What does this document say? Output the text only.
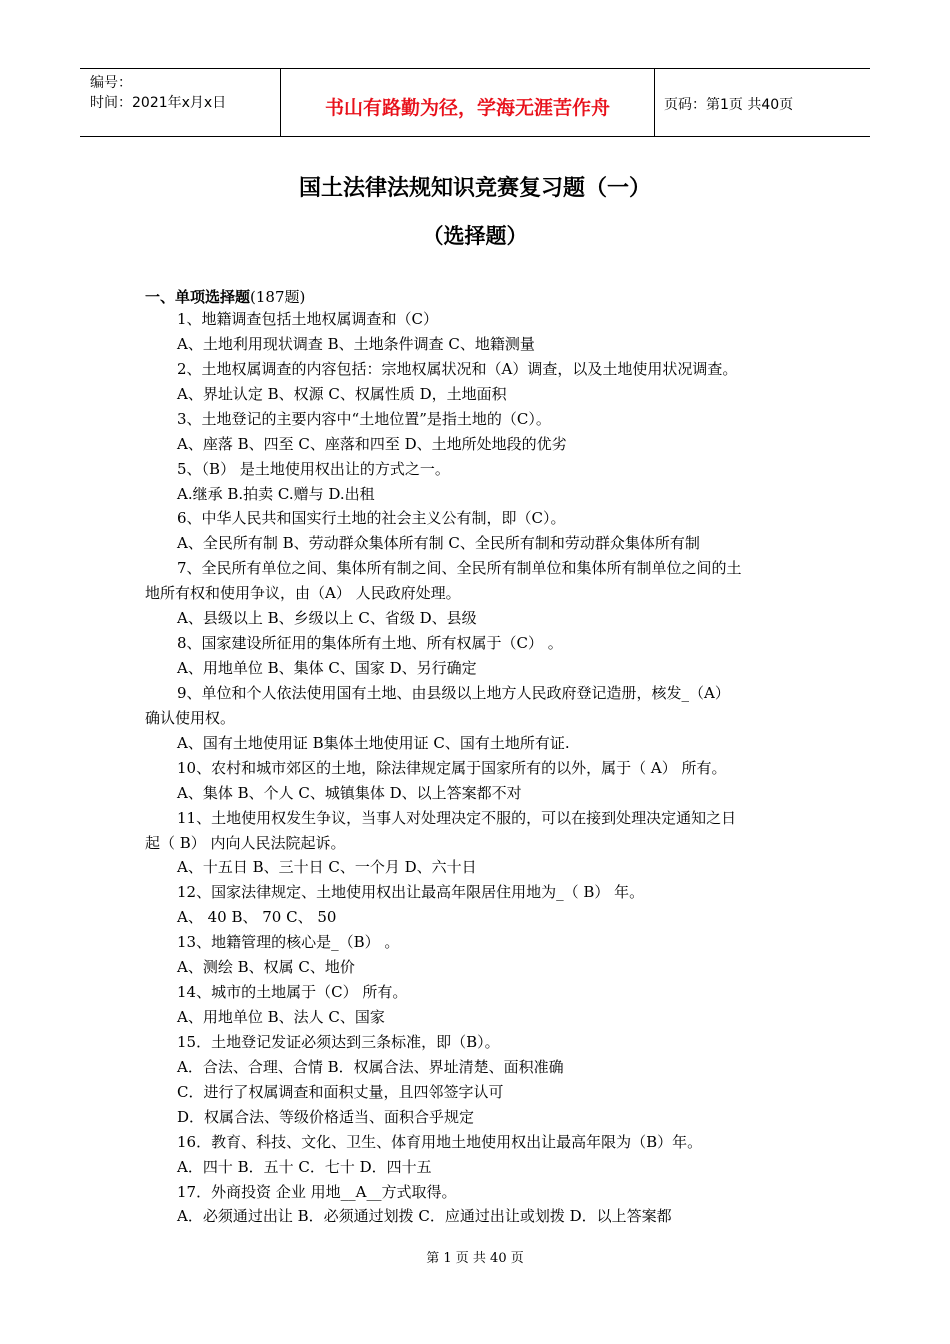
编号：
时间：2021年x月x日	书山有路勤为径，学海无涯苦作舟	页码：第1页 共40页
国土法律法规知识竞赛复习题（一）
（选择题）
一、单项选择题(187题)
1、地籍调查包括土地权属调查和（C）
A、土地利用现状调查 B、土地条件调查 C、地籍测量
2、土地权属调查的内容包括：宗地权属状况和（A）调查，以及土地使用状况调查。
A、界址认定 B、权源 C、权属性质 D，土地面积
3、土地登记的主要内容中“土地位置”是指土地的（C）。
A、座落 B、四至 C、座落和四至 D、土地所处地段的优劣
5、（B） 是土地使用权出让的方式之一。
A.继承 B.拍卖 C.赠与 D.出租
6、中华人民共和国实行土地的社会主义公有制，即（C）。
A、全民所有制 B、劳动群众集体所有制 C、全民所有制和劳动群众集体所有制
7、全民所有单位之间、集体所有制之间、全民所有制单位和集体所有制单位之间的土
地所有权和使用争议，由（A） 人民政府处理。
A、县级以上 B、乡级以上 C、省级 D、县级
8、国家建设所征用的集体所有土地、所有权属于（C） 。
A、用地单位 B、集体 C、国家 D、另行确定
9、单位和个人依法使用国有土地、由县级以上地方人民政府登记造册，核发_（A）
确认使用权。
A、国有土地使用证 B集体土地使用证 C、国有土地所有证.
10、农村和城市郊区的土地，除法律规定属于国家所有的以外，属于（ A） 所有。
A、集体 B、个人 C、城镇集体 D、以上答案都不对
11、土地使用权发生争议，当事人对处理决定不服的，可以在接到处理决定通知之日
起（ B） 内向人民法院起诉。
A、十五日 B、三十日 C、一个月 D、六十日
12、国家法律规定、土地使用权出让最高年限居住用地为_（ B） 年。
A、 40 B、 70 C、 50
13、地籍管理的核心是_（B） 。
A、测绘 B、权属 C、地价
14、城市的土地属于（C） 所有。
A、用地单位 B、法人 C、国家
15．土地登记发证必须达到三条标准，即（B）。
A．合法、合理、合情 B．权属合法、界址清楚、面积准确
C．进行了权属调查和面积丈量，且四邻签字认可
D．权属合法、等级价格适当、面积合乎规定
16．教育、科技、文化、卫生、体育用地土地使用权出让最高年限为（B）年。
A．四十 B．五十 C．七十 D．四十五
17．外商投资 企业 用地__A__方式取得。
A．必须通过出让 B．必须通过划拨 C．应通过出让或划拨 D．以上答案都
第 1 页 共 40 页
